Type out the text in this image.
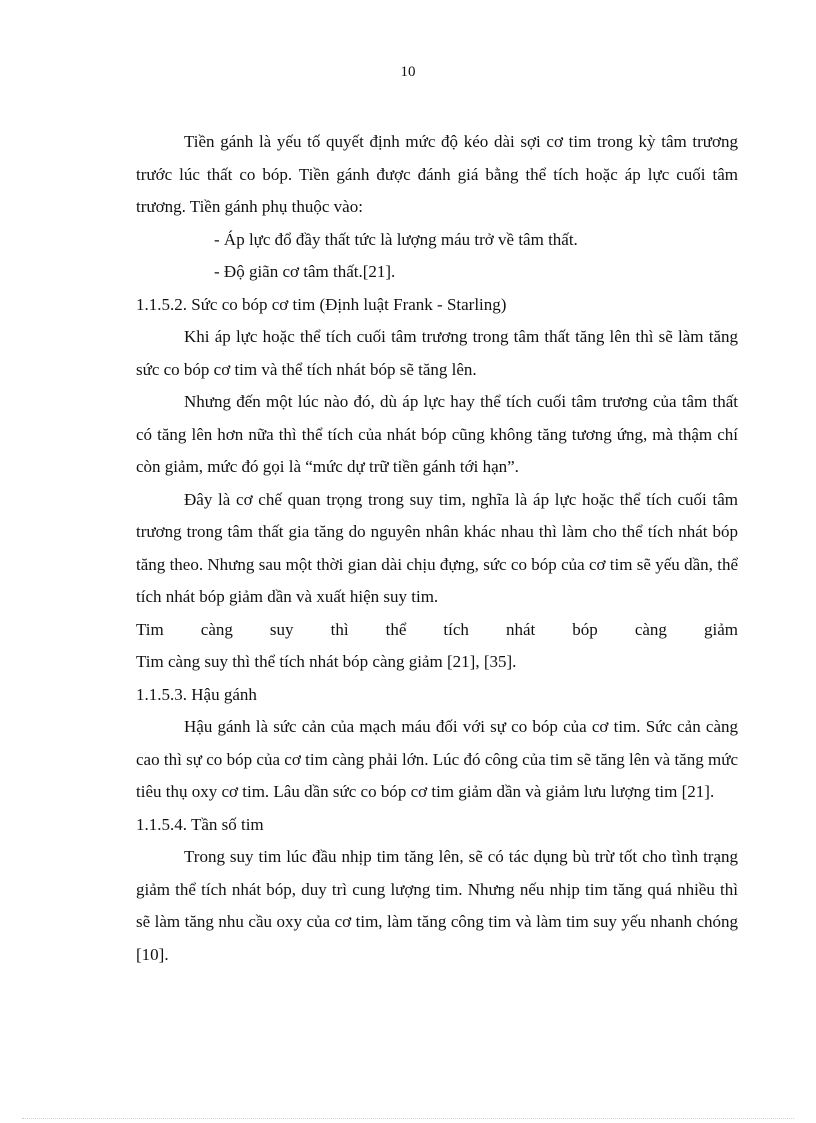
10

Tiền gánh là yếu tố quyết định mức độ kéo dài sợi cơ tim trong kỳ tâm trương trước lúc thất co bóp. Tiền gánh được đánh giá bằng thể tích hoặc áp lực cuối tâm trương. Tiền gánh phụ thuộc vào:

- Áp lực đổ đầy thất tức là lượng máu trở về tâm thất.

- Độ giãn cơ tâm thất.[21].

1.1.5.2. Sức co bóp cơ tim (Định luật Frank - Starling)

Khi áp lực hoặc thể tích cuối tâm trương trong tâm thất tăng lên thì sẽ làm tăng sức co bóp cơ tim và thể tích nhát bóp sẽ tăng lên.

Nhưng đến một lúc nào đó, dù áp lực hay thể tích cuối tâm trương của tâm thất có tăng lên hơn nữa thì thể tích của nhát bóp cũng không tăng tương ứng, mà thậm chí còn giảm, mức đó gọi là “mức dự trữ tiền gánh tới hạn”.

Đây là cơ chế quan trọng trong suy tim, nghĩa là áp lực hoặc thể tích cuối tâm trương trong tâm thất gia tăng do nguyên nhân khác nhau thì làm cho thể tích nhát bóp tăng theo. Nhưng sau một thời gian dài chịu đựng, sức co bóp của cơ tim sẽ yếu dần, thể tích nhát bóp giảm dần và xuất hiện suy tim.

Tim càng suy thì thể tích nhát bóp càng giảm

Tim càng suy thì thể tích nhát bóp càng giảm [21], [35].

1.1.5.3. Hậu gánh

Hậu gánh là sức cản của mạch máu đối với sự co bóp của cơ tim. Sức cản càng cao thì sự co bóp của cơ tim càng phải lớn. Lúc đó công của tim sẽ tăng lên và tăng mức tiêu thụ oxy cơ tim. Lâu dần sức co bóp cơ tim giảm dần và giảm lưu lượng tim [21].

1.1.5.4. Tần số tim

Trong suy tim lúc đầu nhịp tim tăng lên, sẽ có tác dụng bù trừ tốt cho tình trạng giảm thể tích nhát bóp, duy trì cung lượng tim. Nhưng nếu nhịp tim tăng quá nhiều thì sẽ làm tăng nhu cầu oxy của cơ tim, làm tăng công tim và làm tim suy yếu nhanh chóng [10].
